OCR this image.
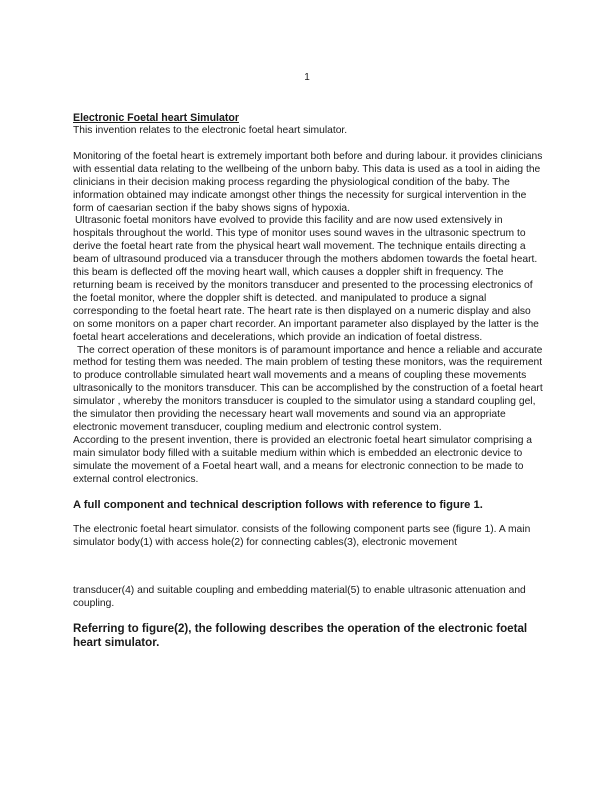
1

Electronic Foetal heart Simulator

This invention relates to the electronic foetal heart simulator.

Monitoring of the foetal heart is extremely important both before and during labour. it provides clinicians with essential data relating to the wellbeing of the unborn baby. This data is used as a tool in aiding the clinicians in their decision making process regarding the physiological condition of the baby. The information obtained may indicate amongst other things the necessity for surgical intervention in the form of caesarian section if the baby shows signs of hypoxia.

Ultrasonic foetal monitors have evolved to provide this facility and are now used extensively in hospitals throughout the world. This type of monitor uses sound waves in the ultrasonic spectrum to derive the foetal heart rate from the physical heart wall movement. The technique entails directing a beam of ultrasound produced via a transducer through the mothers abdomen towards the foetal heart. this beam is deflected off the moving heart wall, which causes a doppler shift in frequency. The returning beam is received by the monitors transducer and presented to the processing electronics of the foetal monitor, where the doppler shift is detected. and manipulated to produce a signal corresponding to the foetal heart rate. The heart rate is then displayed on a numeric display and also on some monitors on a paper chart recorder. An important parameter also displayed by the latter is the foetal heart accelerations and decelerations, which provide an indication of foetal distress.

The correct operation of these monitors is of paramount importance and hence a reliable and accurate method for testing them was needed. The main problem of testing these monitors, was the requirement to produce controllable simulated heart wall movements and a means of coupling these movements ultrasonically to the monitors transducer. This can be accomplished by the construction of a foetal heart simulator , whereby the monitors transducer is coupled to the simulator using a standard coupling gel, the simulator then providing the necessary heart wall movements and sound via an appropriate electronic movement transducer, coupling medium and electronic control system.

According to the present invention, there is provided an electronic foetal heart simulator comprising a main simulator body filled with a suitable medium within which is embedded an electronic device to simulate the movement of a Foetal heart wall, and a means for electronic connection to be made to external control electronics.

A full component and technical description follows with reference to figure 1.

The electronic foetal heart simulator. consists of the following component parts see (figure 1). A main simulator body(1) with access hole(2) for connecting cables(3), electronic movement

transducer(4) and suitable coupling and embedding material(5) to enable ultrasonic attenuation and coupling.

Referring to figure(2), the following describes the operation of the electronic foetal heart simulator.
